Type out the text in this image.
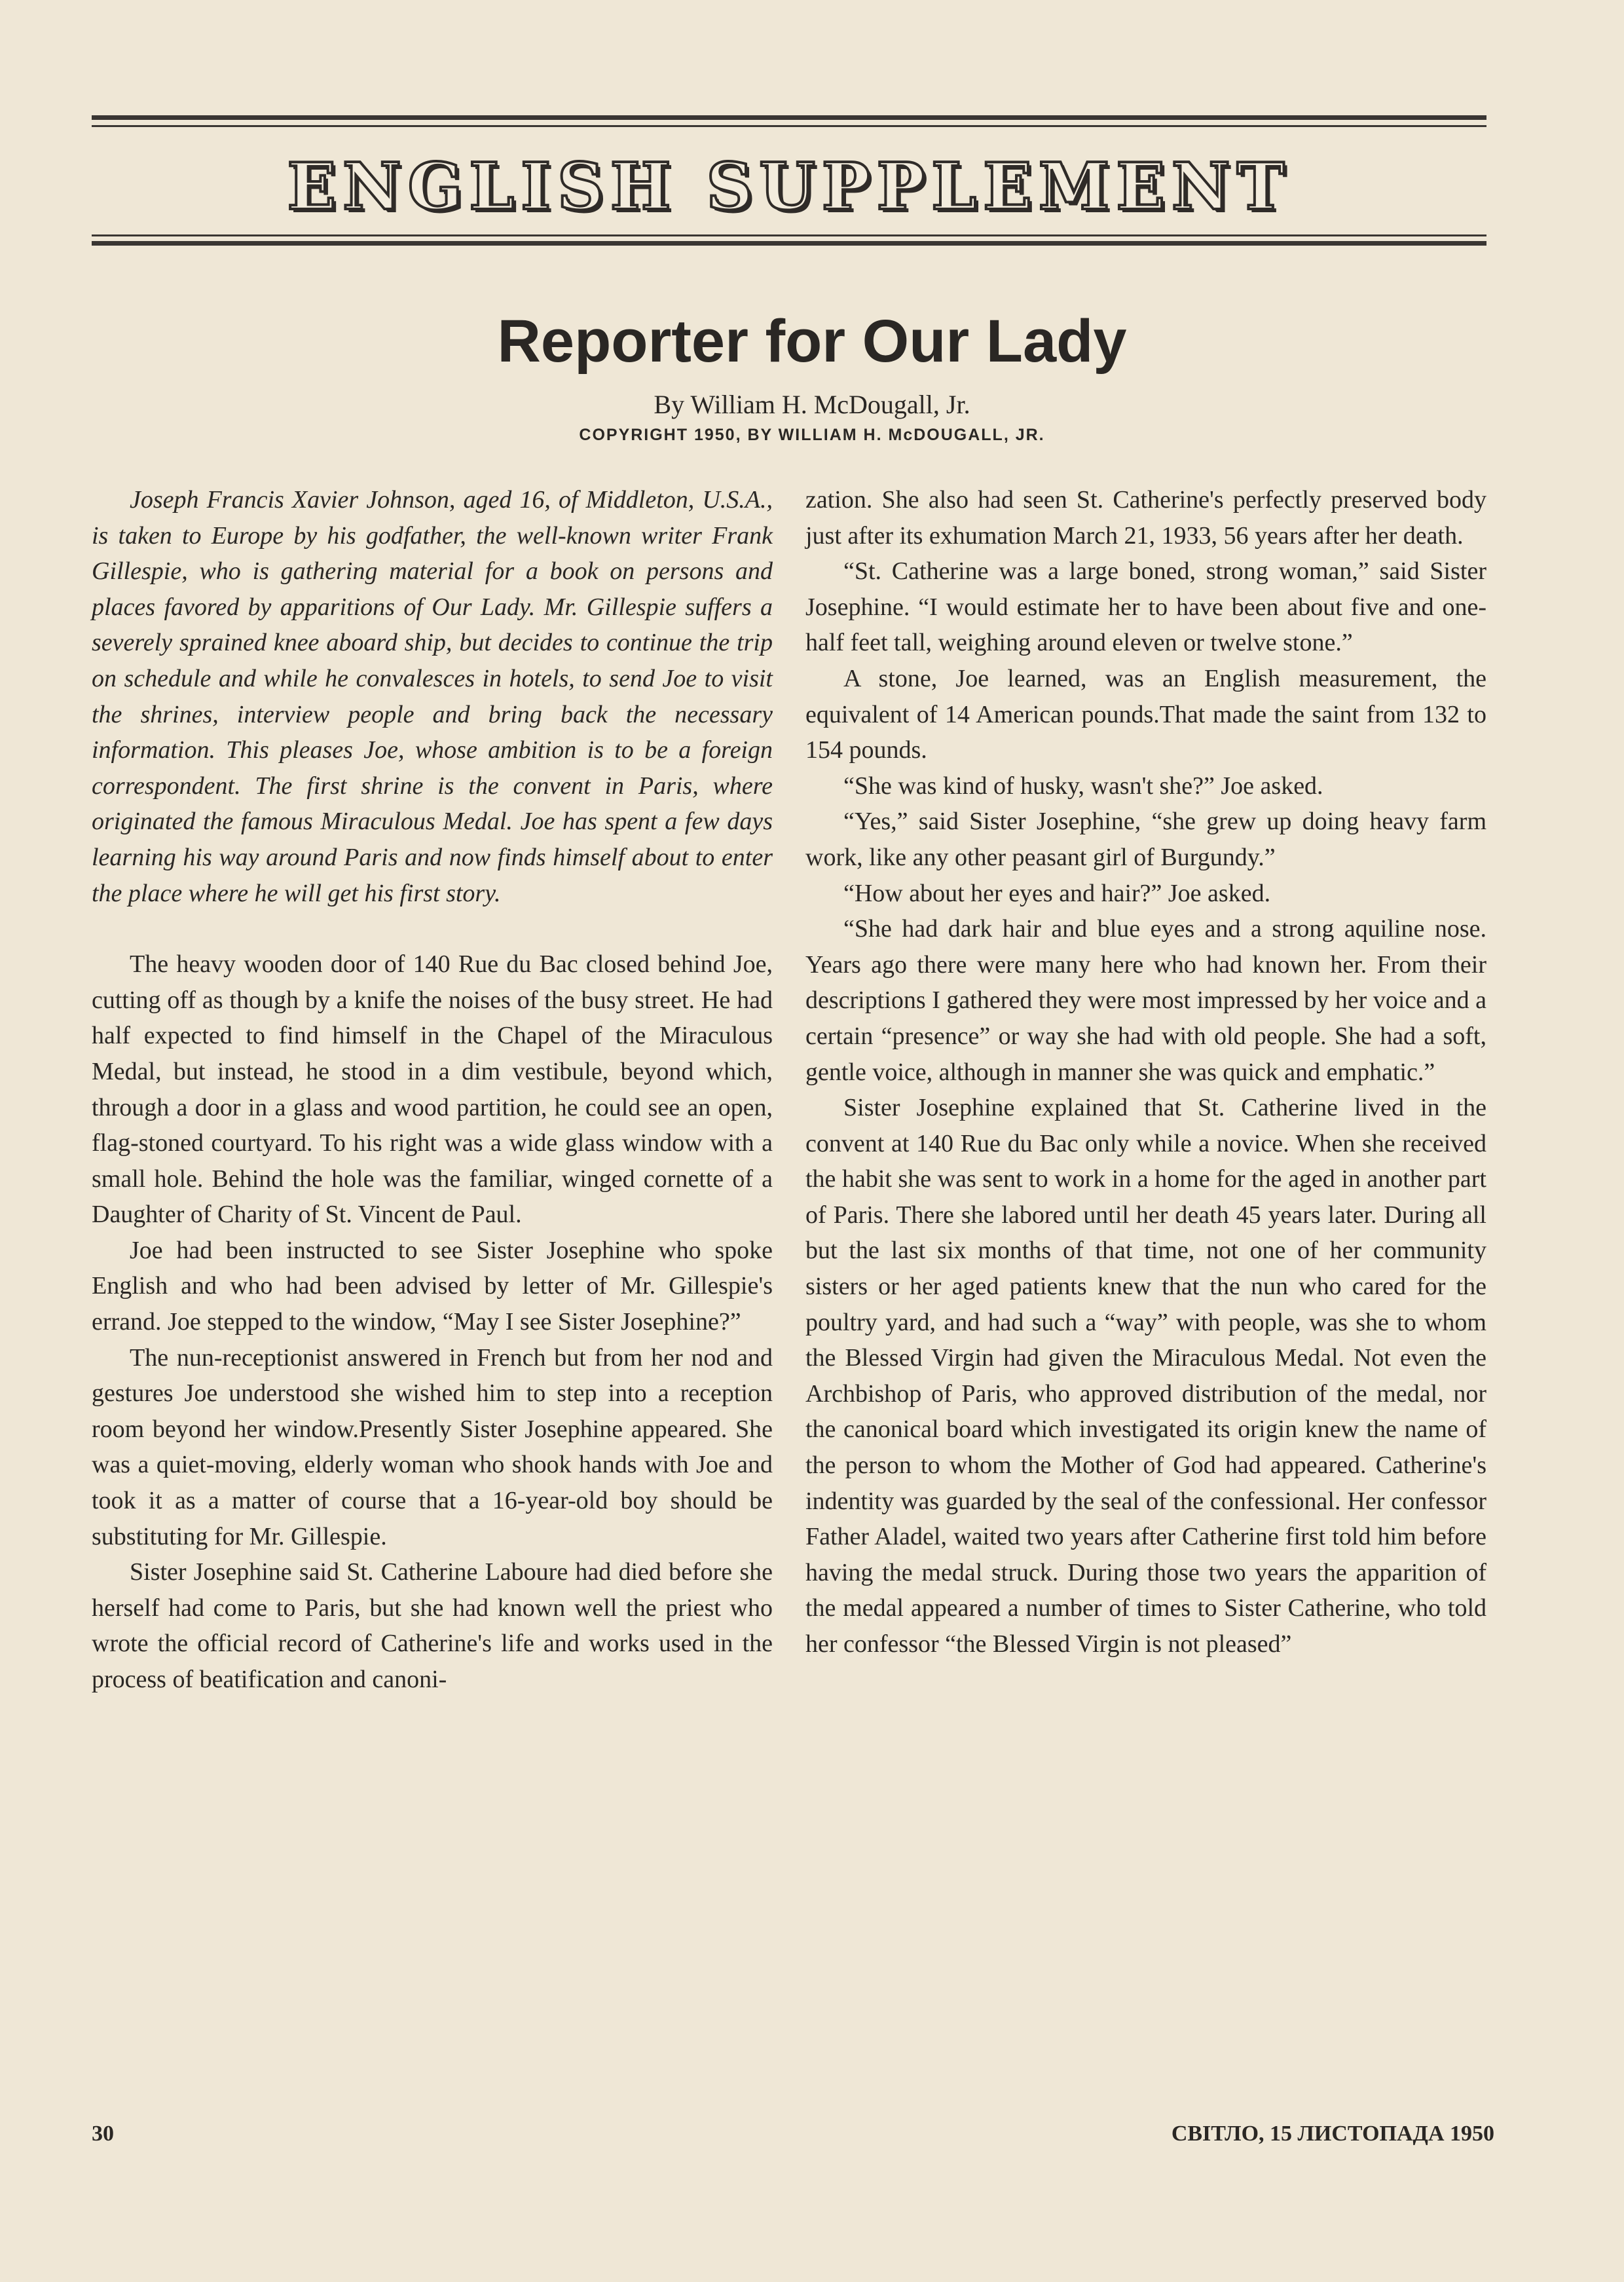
ENGLISH SUPPLEMENT
Reporter for Our Lady
By William H. McDougall, Jr.
COPYRIGHT 1950, BY WILLIAM H. McDOUGALL, JR.

Joseph Francis Xavier Johnson, aged 16, of Middleton, U.S.A., is taken to Europe by his godfather, the well-known writer Frank Gillespie, who is gathering material for a book on persons and places favored by apparitions of Our Lady. Mr. Gillespie suffers a severely sprained knee aboard ship, but decides to continue the trip on schedule and while he convalesces in hotels, to send Joe to visit the shrines, interview people and bring back the necessary information. This pleases Joe, whose ambition is to be a foreign correspondent. The first shrine is the convent in Paris, where originated the famous Miraculous Medal. Joe has spent a few days learning his way around Paris and now finds himself about to enter the place where he will get his first story.

The heavy wooden door of 140 Rue du Bac closed behind Joe, cutting off as though by a knife the noises of the busy street. He had half expected to find himself in the Chapel of the Miraculous Medal, but instead, he stood in a dim vestibule, beyond which, through a door in a glass and wood partition, he could see an open, flag-stoned courtyard. To his right was a wide glass window with a small hole. Behind the hole was the familiar, winged cornette of a Daughter of Charity of St. Vincent de Paul.

Joe had been instructed to see Sister Josephine who spoke English and who had been advised by letter of Mr. Gillespie's errand. Joe stepped to the window, “May I see Sister Josephine?”

The nun-receptionist answered in French but from her nod and gestures Joe understood she wished him to step into a reception room beyond her window.Presently Sister Josephine appeared. She was a quiet-moving, elderly woman who shook hands with Joe and took it as a matter of course that a 16-year-old boy should be substituting for Mr. Gillespie.

Sister Josephine said St. Catherine Laboure had died before she herself had come to Paris, but she had known well the priest who wrote the official record of Catherine's life and works used in the process of beatification and canoni-

zation. She also had seen St. Catherine's perfectly preserved body just after its exhumation March 21, 1933, 56 years after her death.

“St. Catherine was a large boned, strong woman,” said Sister Josephine. “I would estimate her to have been about five and one-half feet tall, weighing around eleven or twelve stone.”

A stone, Joe learned, was an English measurement, the equivalent of 14 American pounds.That made the saint from 132 to 154 pounds.

“She was kind of husky, wasn't she?” Joe asked.

“Yes,” said Sister Josephine, “she grew up doing heavy farm work, like any other peasant girl of Burgundy.”

“How about her eyes and hair?” Joe asked.

“She had dark hair and blue eyes and a strong aquiline nose. Years ago there were many here who had known her. From their descriptions I gathered they were most impressed by her voice and a certain “presence” or way she had with old people. She had a soft, gentle voice, although in manner she was quick and emphatic.”

Sister Josephine explained that St. Catherine lived in the convent at 140 Rue du Bac only while a novice. When she received the habit she was sent to work in a home for the aged in another part of Paris. There she labored until her death 45 years later. During all but the last six months of that time, not one of her community sisters or her aged patients knew that the nun who cared for the poultry yard, and had such a “way” with people, was she to whom the Blessed Virgin had given the Miraculous Medal. Not even the Archbishop of Paris, who approved distribution of the medal, nor the canonical board which investigated its origin knew the name of the person to whom the Mother of God had appeared. Catherine's indentity was guarded by the seal of the confessional. Her confessor Father Aladel, waited two years after Catherine first told him before having the medal struck. During those two years the apparition of the medal appeared a number of times to Sister Catherine, who told her confessor “the Blessed Virgin is not pleased”

30	СВІТЛО, 15 ЛИСТОПАДА 1950
